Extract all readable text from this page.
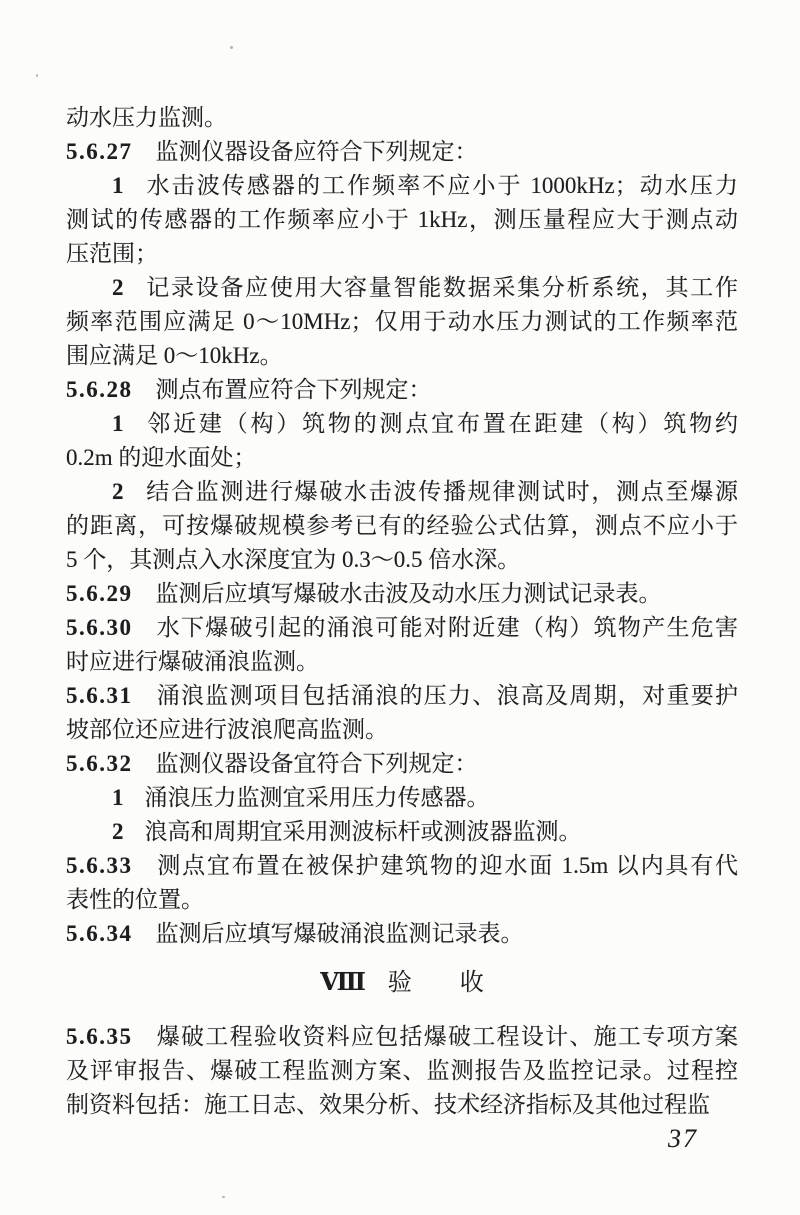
动水压力监测。
5.6.27 监测仪器设备应符合下列规定：
1 水击波传感器的工作频率不应小于 1000kHz；动水压力
测试的传感器的工作频率应小于 1kHz，测压量程应大于测点动
压范围；
2 记录设备应使用大容量智能数据采集分析系统，其工作
频率范围应满足 0～10MHz；仅用于动水压力测试的工作频率范
围应满足 0～10kHz。
5.6.28 测点布置应符合下列规定：
1 邻近建（构）筑物的测点宜布置在距建（构）筑物约
0.2m 的迎水面处；
2 结合监测进行爆破水击波传播规律测试时，测点至爆源
的距离，可按爆破规模参考已有的经验公式估算，测点不应小于
5 个，其测点入水深度宜为 0.3～0.5 倍水深。
5.6.29 监测后应填写爆破水击波及动水压力测试记录表。
5.6.30 水下爆破引起的涌浪可能对附近建（构）筑物产生危害
时应进行爆破涌浪监测。
5.6.31 涌浪监测项目包括涌浪的压力、浪高及周期，对重要护
坡部位还应进行波浪爬高监测。
5.6.32 监测仪器设备宜符合下列规定：
1 涌浪压力监测宜采用压力传感器。
2 浪高和周期宜采用测波标杆或测波器监测。
5.6.33 测点宜布置在被保护建筑物的迎水面 1.5m 以内具有代
表性的位置。
5.6.34 监测后应填写爆破涌浪监测记录表。
Ⅷ 验　　收
5.6.35 爆破工程验收资料应包括爆破工程设计、施工专项方案
及评审报告、爆破工程监测方案、监测报告及监控记录。过程控
制资料包括：施工日志、效果分析、技术经济指标及其他过程监
37
